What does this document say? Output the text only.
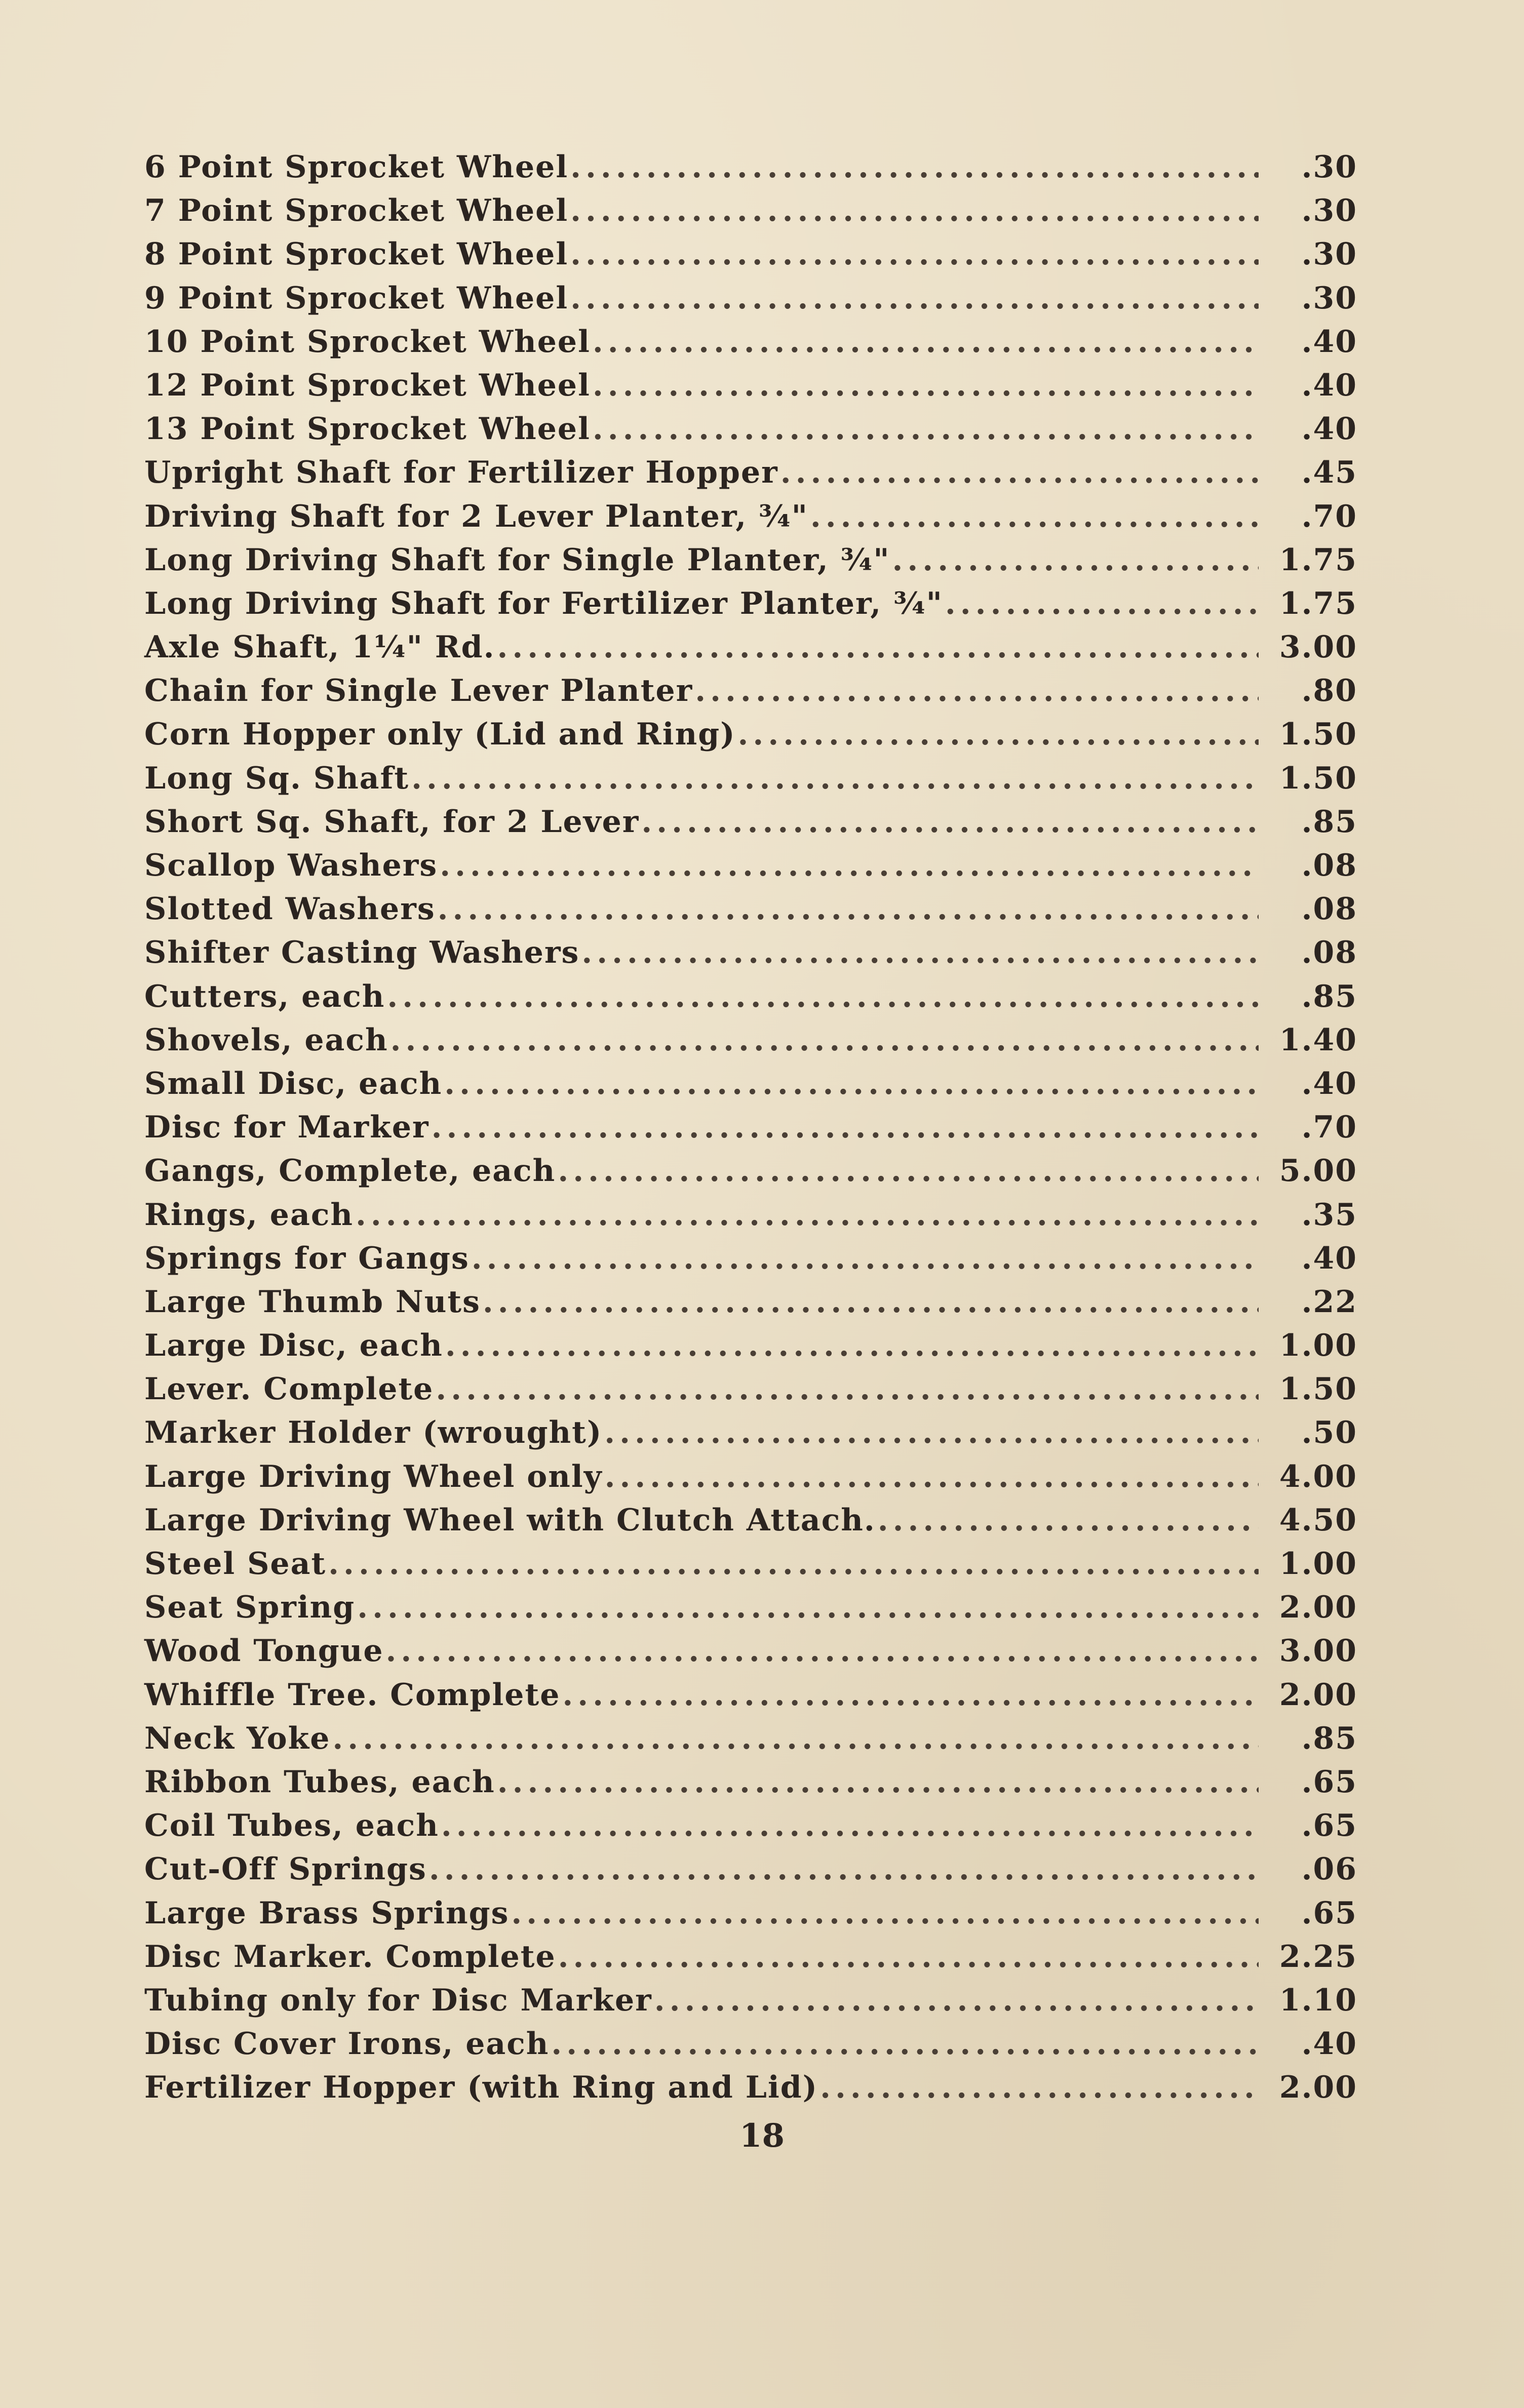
6 Point Sprocket Wheel .....	.30
7 Point Sprocket Wheel .....	.30
8 Point Sprocket Wheel .....	.30
9 Point Sprocket Wheel .....	.30
10 Point Sprocket Wheel .....	.40
12 Point Sprocket Wheel .....	.40
13 Point Sprocket Wheel .....	.40
Upright Shaft for Fertilizer Hopper .....	.45
Driving Shaft for 2 Lever Planter, ¾" .....	.70
Long Driving Shaft for Single Planter, ¾" .....	1.75
Long Driving Shaft for Fertilizer Planter, ¾" .....	1.75
Axle Shaft, 1¼" Rd. .....	3.00
Chain for Single Lever Planter .....	.80
Corn Hopper only (Lid and Ring) .....	1.50
Long Sq. Shaft .....	1.50
Short Sq. Shaft, for 2 Lever .....	.85
Scallop Washers .....	.08
Slotted Washers .....	.08
Shifter Casting Washers .....	.08
Cutters, each .....	.85
Shovels, each .....	1.40
Small Disc, each .....	.40
Disc for Marker .....	.70
Gangs, Complete, each .....	5.00
Rings, each .....	.35
Springs for Gangs .....	.40
Large Thumb Nuts .....	.22
Large Disc, each .....	1.00
Lever. Complete .....	1.50
Marker Holder (wrought) .....	.50
Large Driving Wheel only .....	4.00
Large Driving Wheel with Clutch Attach. .....	4.50
Steel Seat .....	1.00
Seat Spring .....	2.00
Wood Tongue .....	3.00
Whiffle Tree. Complete .....	2.00
Neck Yoke .....	.85
Ribbon Tubes, each .....	.65
Coil Tubes, each .....	.65
Cut-Off Springs .....	.06
Large Brass Springs .....	.65
Disc Marker. Complete .....	2.25
Tubing only for Disc Marker .....	1.10
Disc Cover Irons, each .....	.40
Fertilizer Hopper (with Ring and Lid) .....	2.00
18
